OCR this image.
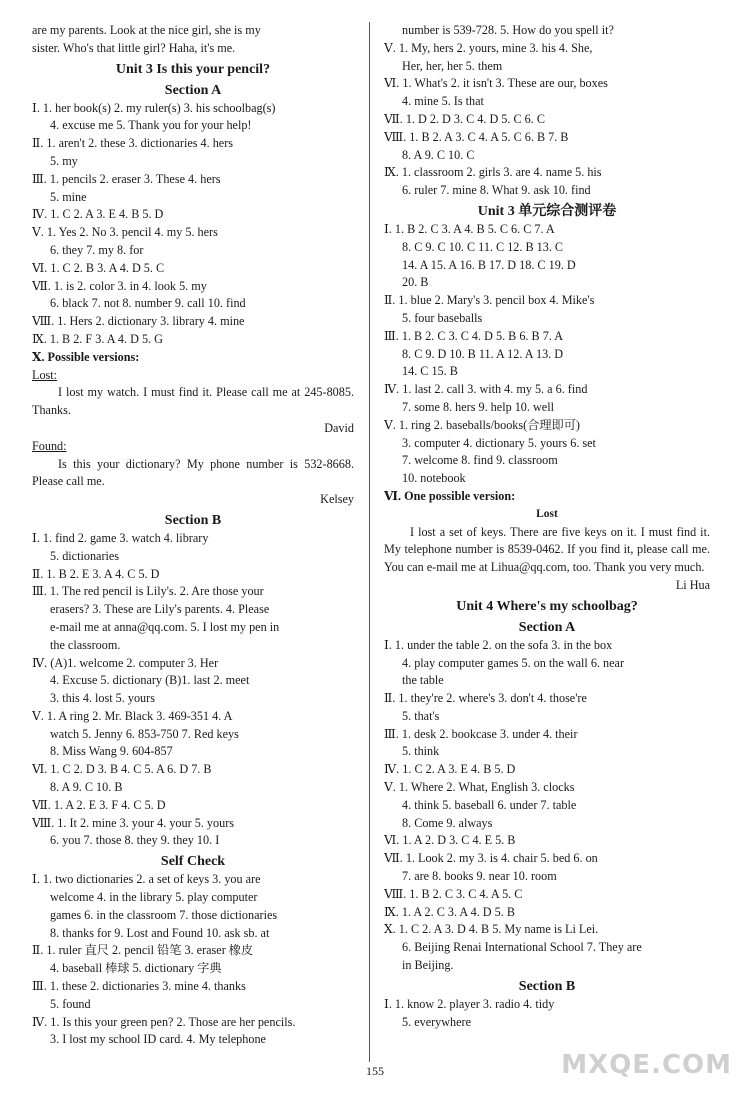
are my parents. Look at the nice girl, she is my
sister. Who's that little girl? Haha, it's me.
Unit 3 Is this your pencil?
Section A
Ⅰ. 1. her book(s) 2. my ruler(s) 3. his schoolbag(s)
4. excuse me 5. Thank you for your help!
Ⅱ. 1. aren't 2. these 3. dictionaries 4. hers
5. my
Ⅲ. 1. pencils 2. eraser 3. These 4. hers
5. mine
Ⅳ. 1. C 2. A 3. E 4. B 5. D
Ⅴ. 1. Yes 2. No 3. pencil 4. my 5. hers
6. they 7. my 8. for
Ⅵ. 1. C 2. B 3. A 4. D 5. C
Ⅶ. 1. is 2. color 3. in 4. look 5. my
6. black 7. not 8. number 9. call 10. find
Ⅷ. 1. Hers 2. dictionary 3. library 4. mine
Ⅸ. 1. B 2. F 3. A 4. D 5. G
Ⅹ. Possible versions:
Lost:
I lost my watch. I must find it. Please call me at 245-8085. Thanks.
David
Found:
Is this your dictionary? My phone number is 532-8668. Please call me.
Kelsey
Section B
Ⅰ. 1. find 2. game 3. watch 4. library
5. dictionaries
Ⅱ. 1. B 2. E 3. A 4. C 5. D
Ⅲ. 1. The red pencil is Lily's. 2. Are those your
erasers? 3. These are Lily's parents. 4. Please
e-mail me at anna@qq.com. 5. I lost my pen in
the classroom.
Ⅳ. (A)1. welcome 2. computer 3. Her
4. Excuse 5. dictionary (B)1. last 2. meet
3. this 4. lost 5. yours
Ⅴ. 1. A ring 2. Mr. Black 3. 469-351 4. A
watch 5. Jenny 6. 853-750 7. Red keys
8. Miss Wang 9. 604-857
Ⅵ. 1. C 2. D 3. B 4. C 5. A 6. D 7. B
8. A 9. C 10. B
Ⅶ. 1. A 2. E 3. F 4. C 5. D
Ⅷ. 1. It 2. mine 3. your 4. your 5. yours
6. you 7. those 8. they 9. they 10. I
Self Check
Ⅰ. 1. two dictionaries 2. a set of keys 3. you are
welcome 4. in the library 5. play computer
games 6. in the classroom 7. those dictionaries
8. thanks for 9. Lost and Found 10. ask sb. at
Ⅱ. 1. ruler 直尺 2. pencil 铅笔 3. eraser 橡皮
4. baseball 棒球 5. dictionary 字典
Ⅲ. 1. these 2. dictionaries 3. mine 4. thanks
5. found
Ⅳ. 1. Is this your green pen? 2. Those are her pencils.
3. I lost my school ID card. 4. My telephone
number is 539-728. 5. How do you spell it?
Ⅴ. 1. My, hers 2. yours, mine 3. his 4. She,
Her, her, her 5. them
Ⅵ. 1. What's 2. it isn't 3. These are our, boxes
4. mine 5. Is that
Ⅶ. 1. D 2. D 3. C 4. D 5. C 6. C
Ⅷ. 1. B 2. A 3. C 4. A 5. C 6. B 7. B
8. A 9. C 10. C
Ⅸ. 1. classroom 2. girls 3. are 4. name 5. his
6. ruler 7. mine 8. What 9. ask 10. find
Unit 3 单元综合测评卷
Ⅰ. 1. B 2. C 3. A 4. B 5. C 6. C 7. A
8. C 9. C 10. C 11. C 12. B 13. C
14. A 15. A 16. B 17. D 18. C 19. D
20. B
Ⅱ. 1. blue 2. Mary's 3. pencil box 4. Mike's
5. four baseballs
Ⅲ. 1. B 2. C 3. C 4. D 5. B 6. B 7. A
8. C 9. D 10. B 11. A 12. A 13. D
14. C 15. B
Ⅳ. 1. last 2. call 3. with 4. my 5. a 6. find
7. some 8. hers 9. help 10. well
Ⅴ. 1. ring 2. baseballs/books(合理即可)
3. computer 4. dictionary 5. yours 6. set
7. welcome 8. find 9. classroom
10. notebook
Ⅵ. One possible version:
Lost
I lost a set of keys. There are five keys on it. I must find it. My telephone number is 8539-0462. If you find it, please call me. You can e-mail me at Lihua@qq.com, too. Thank you very much.
Li Hua
Unit 4 Where's my schoolbag?
Section A
Ⅰ. 1. under the table 2. on the sofa 3. in the box
4. play computer games 5. on the wall 6. near
the table
Ⅱ. 1. they're 2. where's 3. don't 4. those're
5. that's
Ⅲ. 1. desk 2. bookcase 3. under 4. their
5. think
Ⅳ. 1. C 2. A 3. E 4. B 5. D
Ⅴ. 1. Where 2. What, English 3. clocks
4. think 5. baseball 6. under 7. table
8. Come 9. always
Ⅵ. 1. A 2. D 3. C 4. E 5. B
Ⅶ. 1. Look 2. my 3. is 4. chair 5. bed 6. on
7. are 8. books 9. near 10. room
Ⅷ. 1. B 2. C 3. C 4. A 5. C
Ⅸ. 1. A 2. C 3. A 4. D 5. B
Ⅹ. 1. C 2. A 3. D 4. B 5. My name is Li Lei.
6. Beijing Renai International School 7. They are
in Beijing.
Section B
Ⅰ. 1. know 2. player 3. radio 4. tidy
5. everywhere
155	MXQE.COM
